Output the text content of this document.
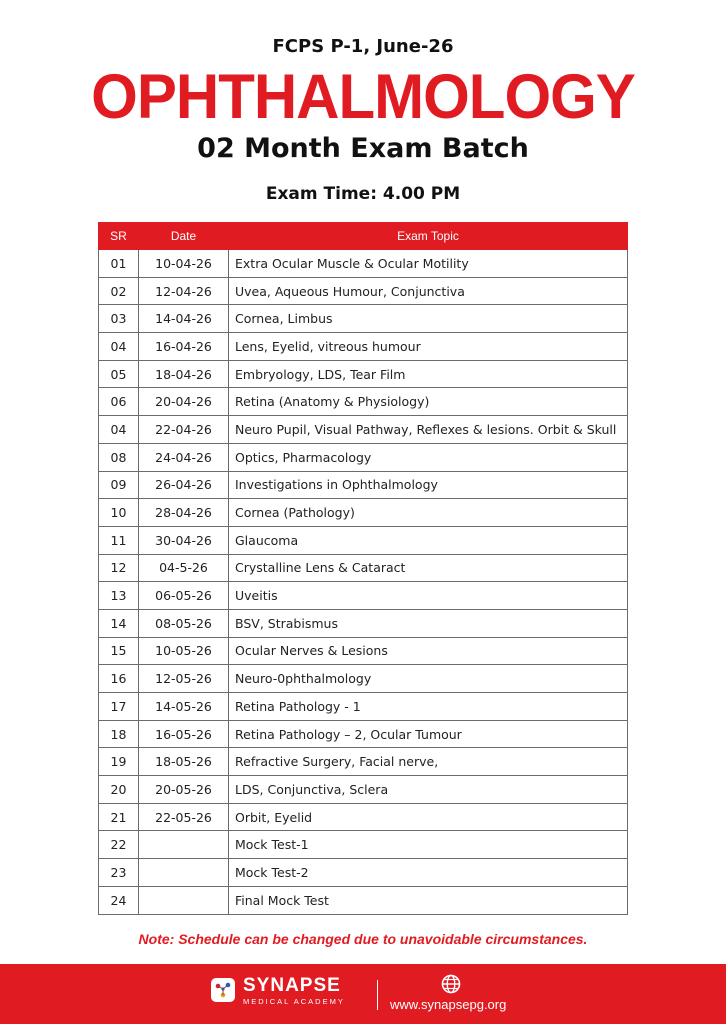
FCPS P-1, June-26
OPHTHALMOLOGY
02 Month Exam Batch
Exam Time: 4.00 PM
SR	Date	Exam Topic
01	10-04-26	Extra Ocular Muscle & Ocular Motility
02	12-04-26	Uvea, Aqueous Humour, Conjunctiva
03	14-04-26	Cornea, Limbus
04	16-04-26	Lens, Eyelid, vitreous humour
05	18-04-26	Embryology, LDS, Tear Film
06	20-04-26	Retina (Anatomy & Physiology)
04	22-04-26	Neuro Pupil, Visual Pathway, Reflexes & lesions. Orbit & Skull
08	24-04-26	Optics, Pharmacology
09	26-04-26	Investigations in Ophthalmology
10	28-04-26	Cornea (Pathology)
11	30-04-26	Glaucoma
12	04-5-26	Crystalline Lens & Cataract
13	06-05-26	Uveitis
14	08-05-26	BSV, Strabismus
15	10-05-26	Ocular Nerves & Lesions
16	12-05-26	Neuro-0phthalmology
17	14-05-26	Retina Pathology - 1
18	16-05-26	Retina Pathology – 2, Ocular Tumour
19	18-05-26	Refractive Surgery, Facial nerve,
20	20-05-26	LDS, Conjunctiva, Sclera
21	22-05-26	Orbit, Eyelid
22		Mock Test-1
23		Mock Test-2
24		Final Mock Test
Note: Schedule can be changed due to unavoidable circumstances.
SYNAPSE
MEDICAL ACADEMY	www.synapsepg.org
